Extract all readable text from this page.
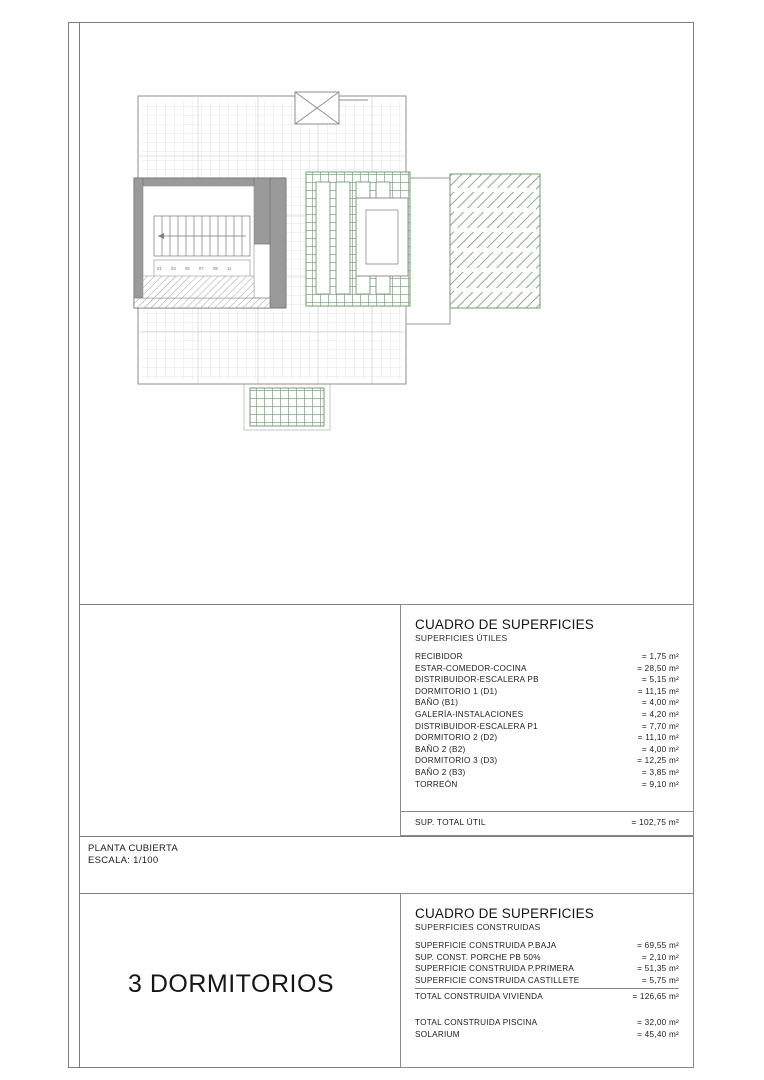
01 03 05 07 09 11
PLANTA CUBIERTA
ESCALA: 1/100
3 DORMITORIOS
CUADRO DE SUPERFICIES
SUPERFICIES ÚTILES
RECIBIDOR	= 1,75 m²
ESTAR-COMEDOR-COCINA	= 28,50 m²
DISTRIBUIDOR-ESCALERA PB	= 5,15 m²
DORMITORIO 1 (D1)	= 11,15 m²
BAÑO (B1)	= 4,00 m²
GALERÍA-INSTALACIONES	= 4,20 m²
DISTRIBUIDOR-ESCALERA P1	= 7,70 m²
DORMITORIO 2 (D2)	= 11,10 m²
BAÑO 2 (B2)	= 4,00 m²
DORMITORIO 3 (D3)	= 12,25 m²
BAÑO 2 (B3)	= 3,85 m²
TORREÓN	= 9,10 m²
SUP. TOTAL ÚTIL	= 102,75 m²
CUADRO DE SUPERFICIES
SUPERFICIES CONSTRUIDAS
SUPERFICIE CONSTRUIDA P.BAJA	= 69,55 m²
SUP. CONST. PORCHE PB 50%	= 2,10 m²
SUPERFICIE CONSTRUIDA P.PRIMERA	= 51,35 m²
SUPERFICIE CONSTRUIDA CASTILLETE	= 5,75 m²
TOTAL CONSTRUIDA VIVIENDA	= 126,65 m²
TOTAL CONSTRUIDA PISCINA	= 32,00 m²
SOLARIUM	= 45,40 m²
